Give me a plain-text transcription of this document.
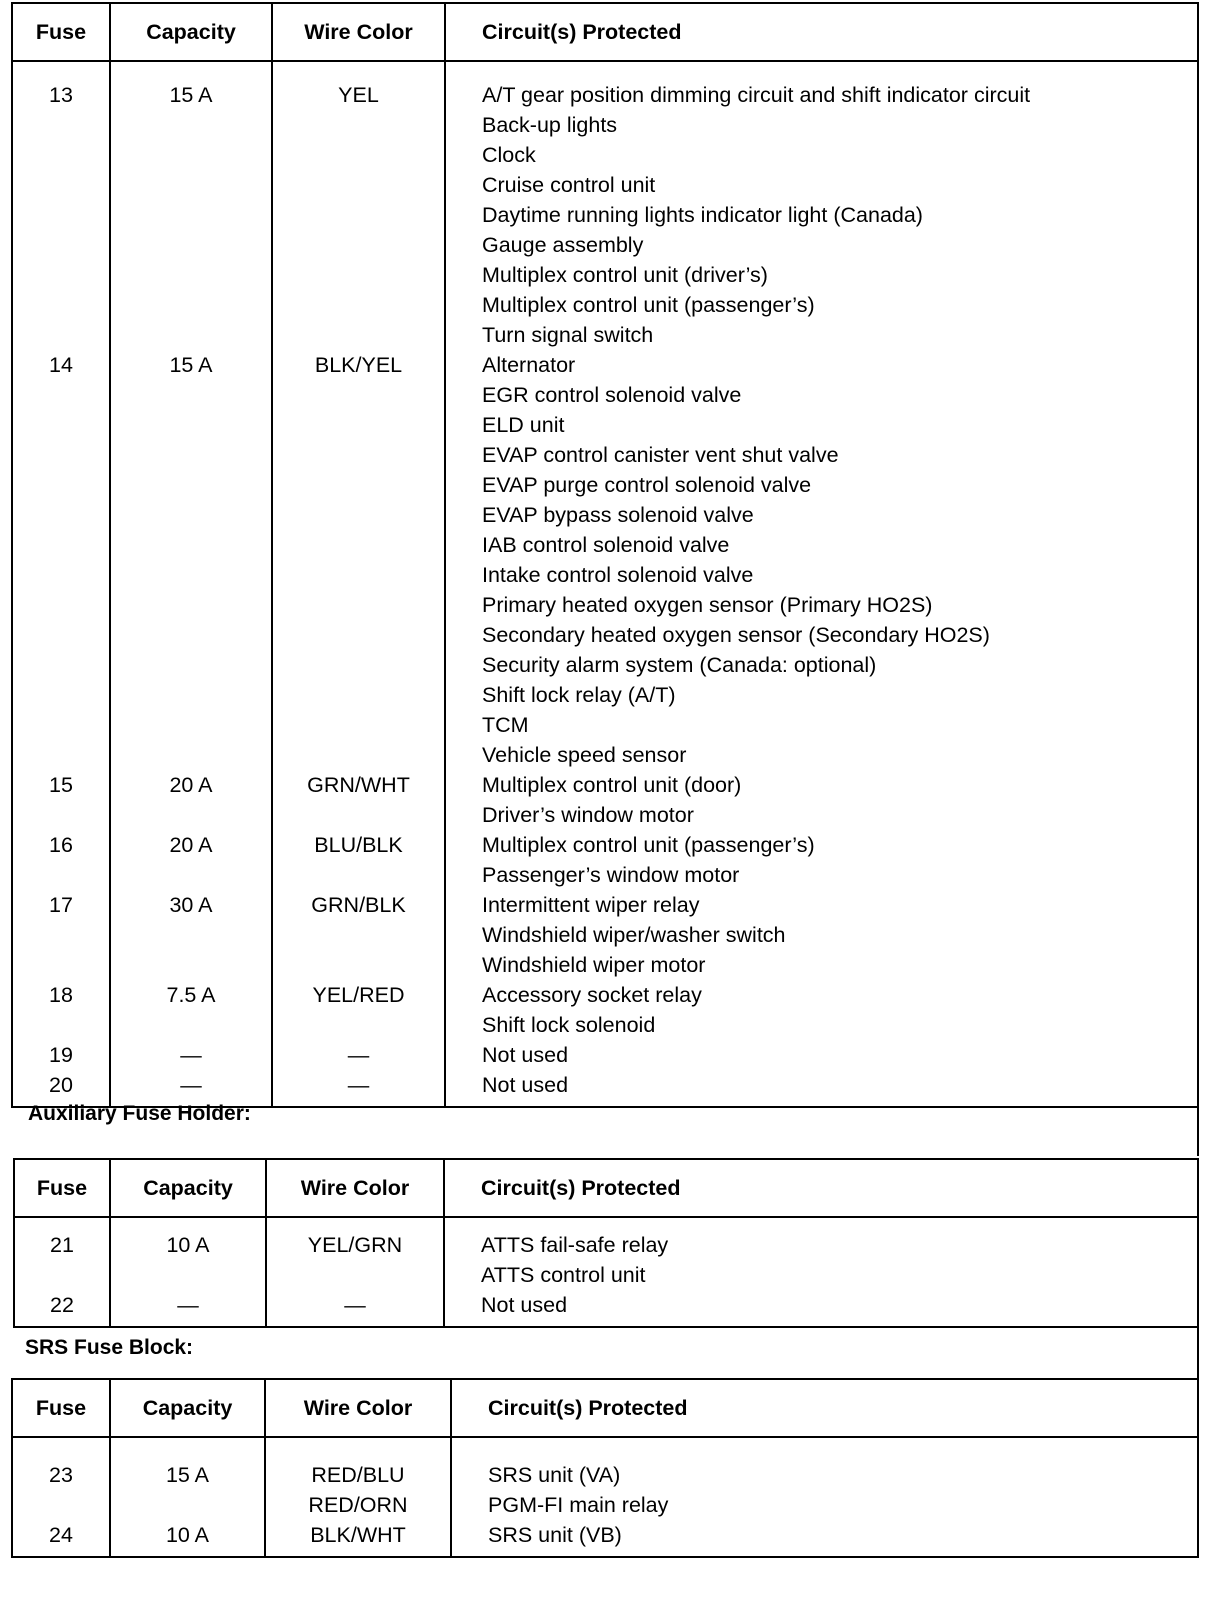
Fuse	Capacity	Wire Color	Circuit(s) Protected

13	15 A	YEL	A/T gear position dimming circuit and shift indicator circuit
			Back-up lights
			Clock
			Cruise control unit
			Daytime running lights indicator light (Canada)
			Gauge assembly
			Multiplex control unit (driver’s)
			Multiplex control unit (passenger’s)
			Turn signal switch
14	15 A	BLK/YEL	Alternator
			EGR control solenoid valve
			ELD unit
			EVAP control canister vent shut valve
			EVAP purge control solenoid valve
			EVAP bypass solenoid valve
			IAB control solenoid valve
			Intake control solenoid valve
			Primary heated oxygen sensor (Primary HO2S)
			Secondary heated oxygen sensor (Secondary HO2S)
			Security alarm system (Canada: optional)
			Shift lock relay (A/T)
			TCM
			Vehicle speed sensor
15	20 A	GRN/WHT	Multiplex control unit (door)
			Driver’s window motor
16	20 A	BLU/BLK	Multiplex control unit (passenger’s)
			Passenger’s window motor
17	30 A	GRN/BLK	Intermittent wiper relay
			Windshield wiper/washer switch
			Windshield wiper motor
18	7.5 A	YEL/RED	Accessory socket relay
			Shift lock solenoid
19	—	—	Not used
20	—	—	Not used

Auxiliary Fuse Holder:
Fuse	Capacity	Wire Color	Circuit(s) Protected

21	10 A	YEL/GRN	ATTS fail-safe relay
			ATTS control unit
22	—	—	Not used

SRS Fuse Block:
Fuse	Capacity	Wire Color	Circuit(s) Protected

23	15 A	RED/BLU	SRS unit (VA)
		RED/ORN	PGM-FI main relay
24	10 A	BLK/WHT	SRS unit (VB)
